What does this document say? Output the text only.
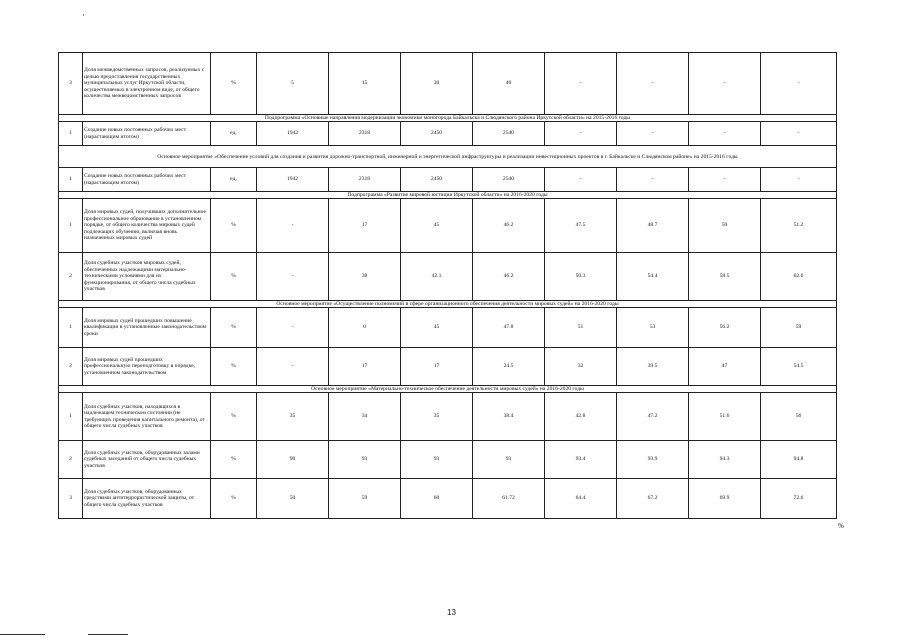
·
3	Доля межведомственных запросов, реализуемых с целью предоставления государственных муниципальных услуг Иркутской области, осуществляемых в электронном виде, от общего количества межведомственных запросов	%	5	15	30	40	-	-	-	-
Подпрограмма «Основные направления модернизации экономики моногорода Байкальска и Слюдянского района Иркутской области» на 2015-2016 годы										
1	Создание новых постоянных рабочих мест (нарастающим итогом)	ед.	1942	2318	2450	2540	-	-	-	-
Основное мероприятие «Обеспечение условий для создания и развития дорожно-транспортной, инженерной и энергетической инфраструктуры и реализации инвестиционных проектов в г. Байкальске и Слюдянском районе» на 2015-2016 годы										
1	Создание новых постоянных рабочих мест (нарастающим итогом)	ед.	1942	2318	2450	2540	-	-	-	-
Подпрограмма «Развитие мировой юстиции Иркутской области» на 2016-2020 годы										
1	Доля мировых судей, получивших дополнительное профессиональное образование в установленном порядке, от общего количества мировых судей подлежащих обучению, включая вновь назначенных мировых судей	%	-	17	45	46.2	47.5	48.7	50	51.2
2	Доля судебных участков мировых судей, обеспеченных надлежащими материально-техническими условиями для их функционирования, от общего числа судебных участков	%	-	38	42.1	46.2	50.3	54.4	58.5	62.6
Основное мероприятие «Осуществление полномочий в сфере организационного обеспечения деятельности мировых судей» на 2016-2020 годы										
1	Доля мировых судей прошедших повышение квалификации в установленные законодательством сроки	%	-	0	45	47.8	51	53	56.2	59
2	Доля мировых судей прошедших профессиональную переподготовку в порядке, установленном законодательством	%	-	17	17	24.5	32	39.5	47	54.5
Основное мероприятие «Материально-техническое обеспечение деятельности мировых судей» на 2016-2020 годы										
1	Доля судебных участков, находящихся в надлежащем техническом состоянии (не требующих проведения капитального ремонта), от общего числа судебных участков	%	35	34	35	38.4	42.8	47.2	51.6	56
2	Доля судебных участков, оборудованных залами судебных заседаний от общего числа судебных участков	%	90	93	93	93	93.4	93.9	94.3	94.8
3	Доля судебных участков, оборудованных средствами антитеррористической защиты, от общего числа судебных участков	%	50	59	60	61.72	64.4	67.2	69.9	72.6
%
13
